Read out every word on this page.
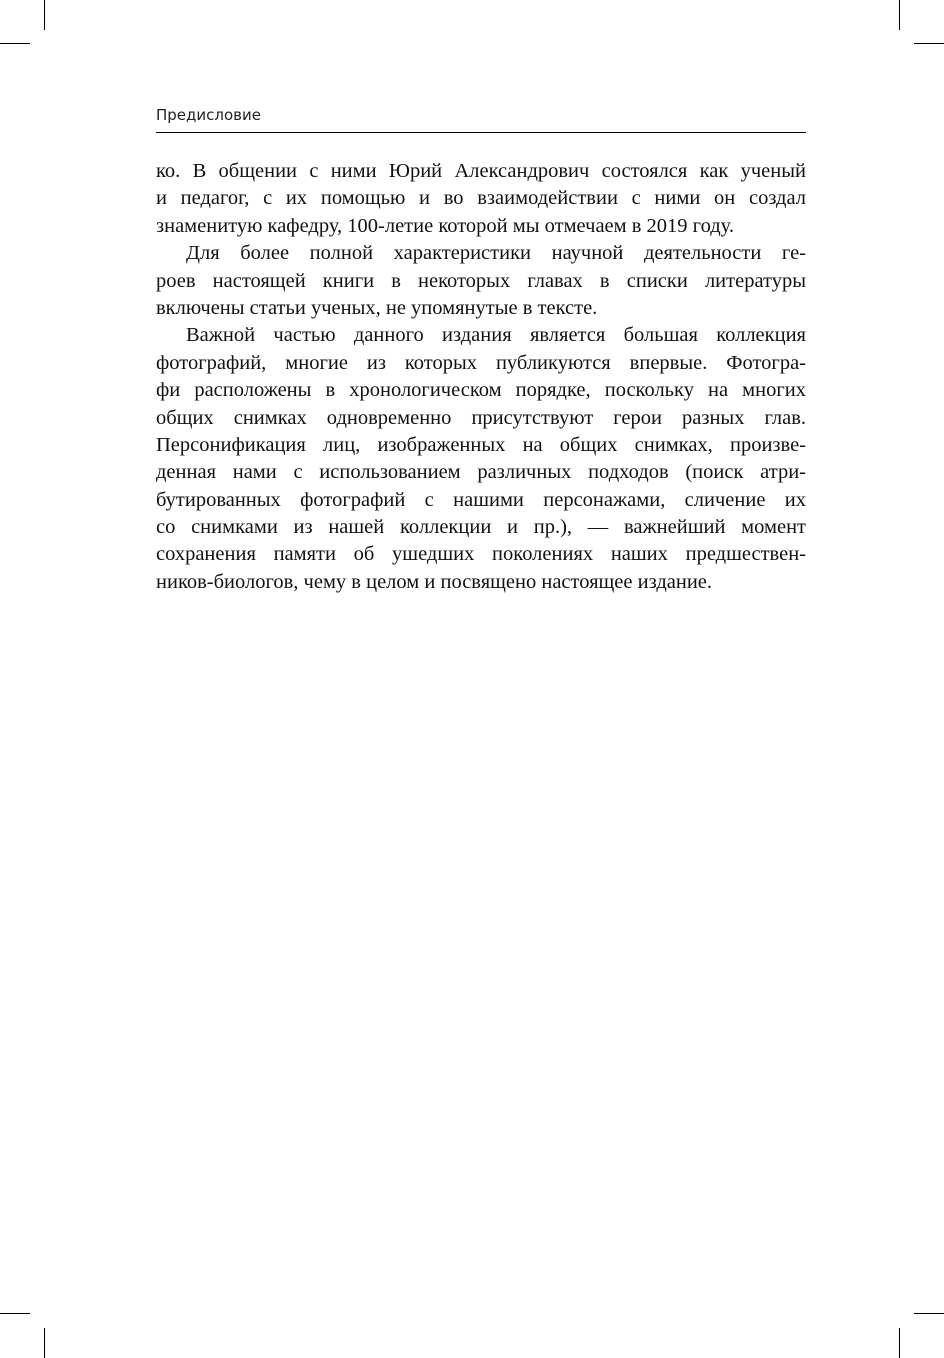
Предисловие
ко. В общении с ними Юрий Александрович состоялся как ученый
и педагог, с их помощью и во взаимодействии с ними он создал
знаменитую кафедру, 100-летие которой мы отмечаем в 2019 году.
Для более полной характеристики научной деятельности ге-
роев настоящей книги в некоторых главах в списки литературы
включены статьи ученых, не упомянутые в тексте.
Важной частью данного издания является большая коллекция
фотографий, многие из которых публикуются впервые. Фотогра-
фи расположены в хронологическом порядке, поскольку на многих
общих снимках одновременно присутствуют герои разных глав.
Персонификация лиц, изображенных на общих снимках, произве-
денная нами с использованием различных подходов (поиск атри-
бутированных фотографий с нашими персонажами, сличение их
со снимками из нашей коллекции и пр.), — важнейший момент
сохранения памяти об ушедших поколениях наших предшествен-
ников-биологов, чему в целом и посвящено настоящее издание.
